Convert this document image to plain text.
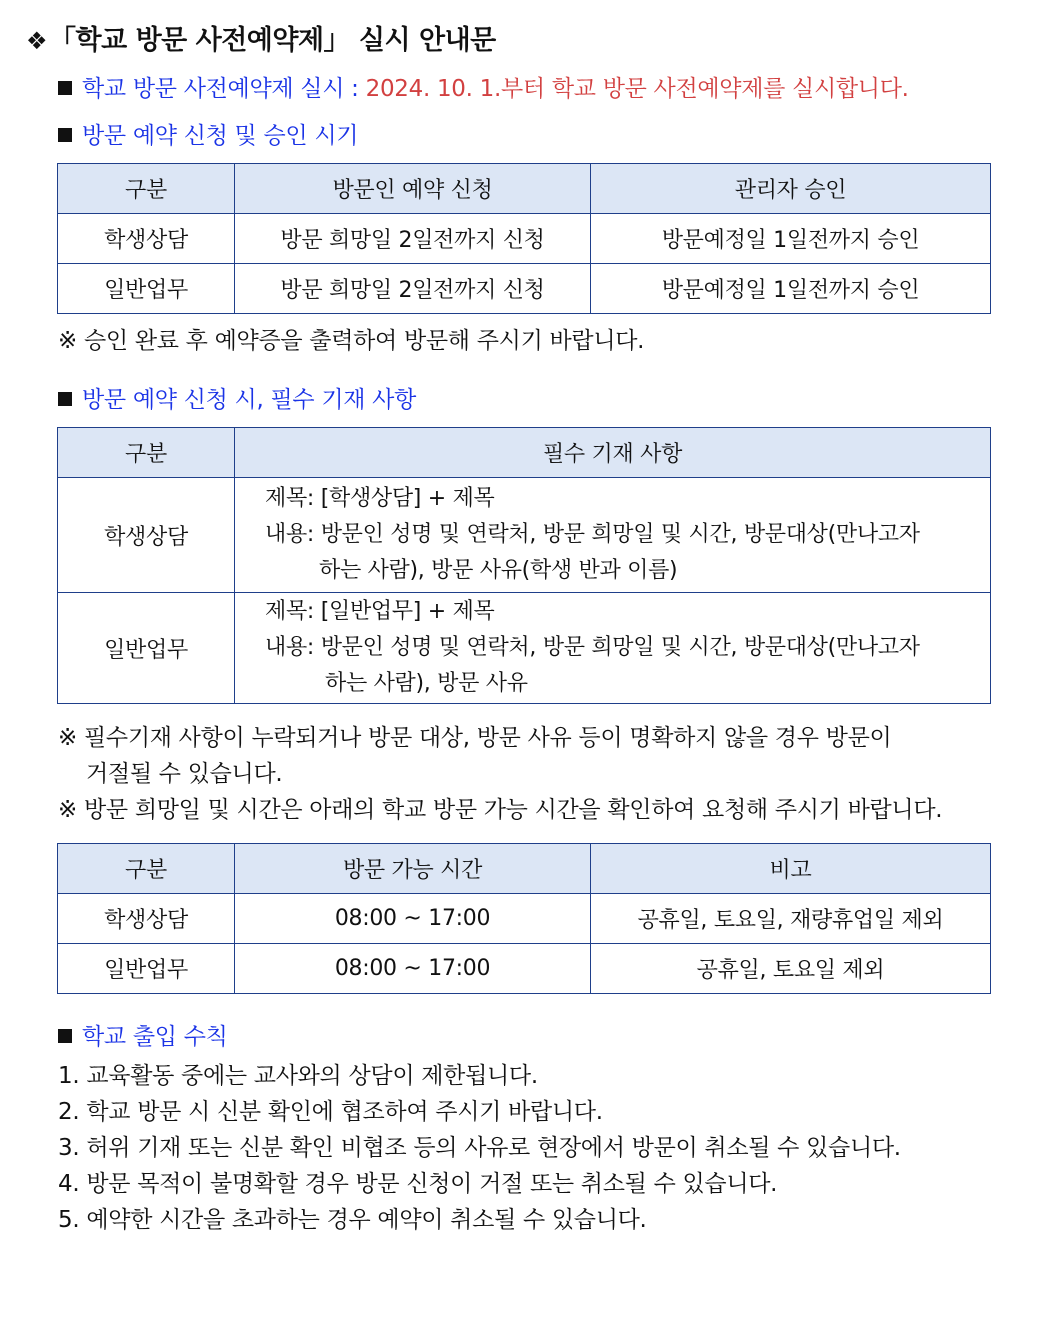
❖「학교 방문 사전예약제」 실시 안내문
학교 방문 사전예약제 실시 : 2024. 10. 1.부터 학교 방문 사전예약제를 실시합니다.
방문 예약 신청 및 승인 시기
구분	방문인 예약 신청	관리자 승인
학생상담	방문 희망일 2일전까지 신청	방문예정일 1일전까지 승인
일반업무	방문 희망일 2일전까지 신청	방문예정일 1일전까지 승인
※ 승인 완료 후 예약증을 출력하여 방문해 주시기 바랍니다.
방문 예약 신청 시, 필수 기재 사항
구분	필수 기재 사항
학생상담	제목: [학생상담] + 제목
내용: 방문인 성명 및 연락처, 방문 희망일 및 시간, 방문대상(만나고자
하는 사람), 방문 사유(학생 반과 이름)

일반업무	제목: [일반업무] + 제목
내용: 방문인 성명 및 연락처, 방문 희망일 및 시간, 방문대상(만나고자
하는 사람), 방문 사유
※ 필수기재 사항이 누락되거나 방문 대상, 방문 사유 등이 명확하지 않을 경우 방문이
거절될 수 있습니다.
※ 방문 희망일 및 시간은 아래의 학교 방문 가능 시간을 확인하여 요청해 주시기 바랍니다.
구분	방문 가능 시간	비고
학생상담	08:00 ~ 17:00	공휴일, 토요일, 재량휴업일 제외
일반업무	08:00 ~ 17:00	공휴일, 토요일 제외
학교 출입 수칙
1. 교육활동 중에는 교사와의 상담이 제한됩니다.
2. 학교 방문 시 신분 확인에 협조하여 주시기 바랍니다.
3. 허위 기재 또는 신분 확인 비협조 등의 사유로 현장에서 방문이 취소될 수 있습니다.
4. 방문 목적이 불명확할 경우 방문 신청이 거절 또는 취소될 수 있습니다.
5. 예약한 시간을 초과하는 경우 예약이 취소될 수 있습니다.
